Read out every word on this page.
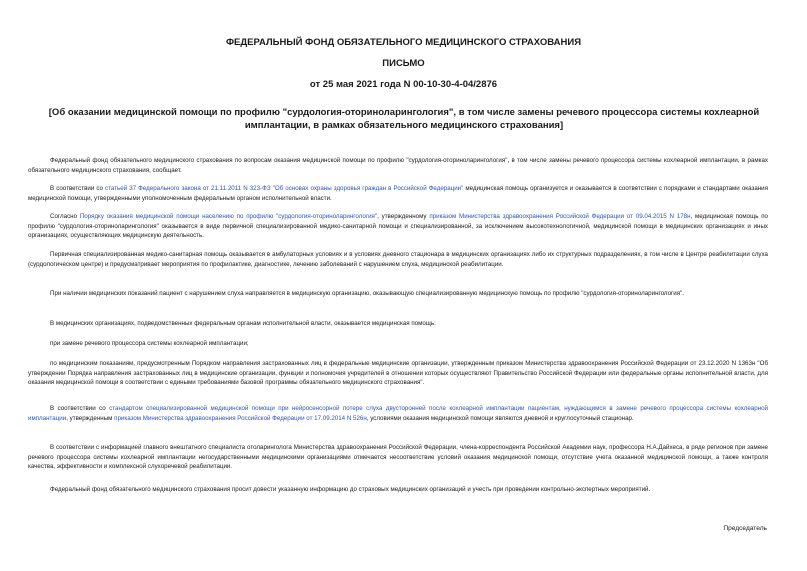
ФЕДЕРАЛЬНЫЙ ФОНД ОБЯЗАТЕЛЬНОГО МЕДИЦИНСКОГО СТРАХОВАНИЯ
ПИСЬМО
от 25 мая 2021 года N 00-10-30-4-04/2876
[Об оказании медицинской помощи по профилю "сурдология-оториноларингология", в том числе замены речевого процессора системы кохлеарной имплантации, в рамках обязательного медицинского страхования]

Федеральный фонд обязательного медицинского страхования по вопросам оказания медицинской помощи по профилю "сурдология-оториноларингология", в том числе замены речевого процессора системы кохлеарной имплантации, в рамках обязательного медицинского страхования, сообщает.

В соответствии со статьей 37 Федерального закона от 21.11.2011 N 323-ФЗ "Об основах охраны здоровья граждан в Российской Федерации" медицинская помощь организуется и оказывается в соответствии с порядками и стандартами оказания медицинской помощи, утвержденными уполномоченным федеральным органом исполнительной власти.

Согласно Порядку оказания медицинской помощи населению по профилю "сурдология-оториноларингология", утвержденному приказом Министерства здравоохранения Российской Федерации от 09.04.2015 N 178н, медицинская помощь по профилю "сурдология-оториноларингология" оказывается в виде первичной специализированной медико-санитарной помощи и специализированной, за исключением высокотехнологичной, медицинской помощи в медицинских организациях и иных организациях, осуществляющих медицинскую деятельность.

Первичная специализированная медико-санитарная помощь оказывается в амбулаторных условиях и в условиях дневного стационара в медицинских организациях либо их структурных подразделениях, в том числе в Центре реабилитации слуха (сурдологическом центре) и предусматривает мероприятия по профилактике, диагностике, лечению заболеваний с нарушением слуха, медицинской реабилитации.

При наличии медицинских показаний пациент с нарушением слуха направляется в медицинскую организацию, оказывающую специализированную медицинскую помощь по профилю "сурдология-оториноларингология".

В медицинских организациях, подведомственных федеральным органам исполнительной власти, оказывается медицинская помощь:

при замене речевого процессора системы кохлеарной имплантации;

по медицинским показаниям, предусмотренным Порядком направления застрахованных лиц в федеральные медицинские организации, утвержденным приказом Министерства здравоохранения Российской Федерации от 23.12.2020 N 1363н "Об утверждении Порядка направления застрахованных лиц в медицинские организации, функции и полномочия учредителей в отношении которых осуществляют Правительство Российской Федерации или федеральные органы исполнительной власти, для оказания медицинской помощи в соответствии с едиными требованиями базовой программы обязательного медицинского страхования".

В соответствии со стандартом специализированной медицинской помощи при нейросенсорной потере слуха двусторонней после кохлеарной имплантации пациентам, нуждающимся в замене речевого процессора системы кохлеарной имплантации, утвержденным приказом Министерства здравоохранения Российской Федерации от 17.09.2014 N 526н, условиями оказания медицинской помощи являются дневной и круглосуточный стационар.

В соответствии с информацией главного внештатного специалиста отоларинголога Министерства здравоохранения Российской Федерации, члена-корреспондента Российской Академии наук, профессора Н.А.Дайхеса, в ряде регионов при замене речевого процессора системы кохлеарной имплантации негосударственными медицинскими организациями отмечается несоответствие условий оказания медицинской помощи, отсутствие учета оказанной медицинской помощи, а также контроля качества, эффективности и комплексной слухоречевой реабилитации.

Федеральный фонд обязательного медицинского страхования просит довести указанную информацию до страховых медицинских организаций и учесть при проведении контрольно-экспертных мероприятий.

Председатель
